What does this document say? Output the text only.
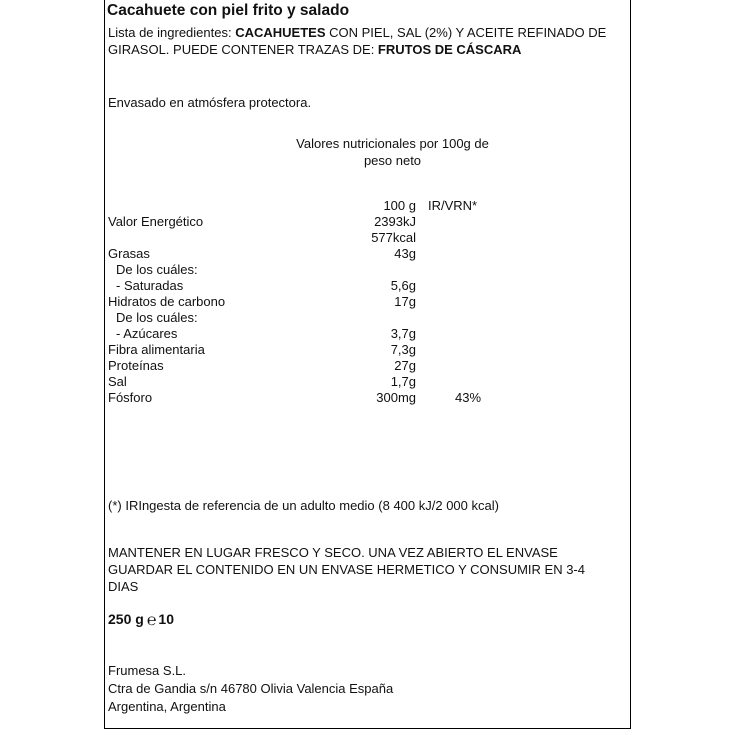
Cacahuete con piel frito y salado
Lista de ingredientes: CACAHUETES CON PIEL, SAL (2%) Y ACEITE REFINADO DE GIRASOL. PUEDE CONTENER TRAZAS DE: FRUTOS DE CÁSCARA
Envasado en atmósfera protectora.
Valores nutricionales por 100g de peso neto
100 g IR/VRN*
Valor Energético	2393kJ
577kcal
Grasas	43g
De los cuáles:
- Saturadas	5,6g
Hidratos de carbono	17g
De los cuáles:
- Azúcares	3,7g
Fibra alimentaria	7,3g
Proteínas	27g
Sal	1,7g
Fósforo	300mg	43%
(*) IRIngesta de referencia de un adulto medio (8 400 kJ/2 000 kcal)
MANTENER EN LUGAR FRESCO Y SECO. UNA VEZ ABIERTO EL ENVASE GUARDAR EL CONTENIDO EN UN ENVASE HERMETICO Y CONSUMIR EN 3-4 DIAS
250 g ℮ 10
Frumesa S.L.
Ctra de Gandia s/n 46780 Olivia Valencia España
Argentina, Argentina
